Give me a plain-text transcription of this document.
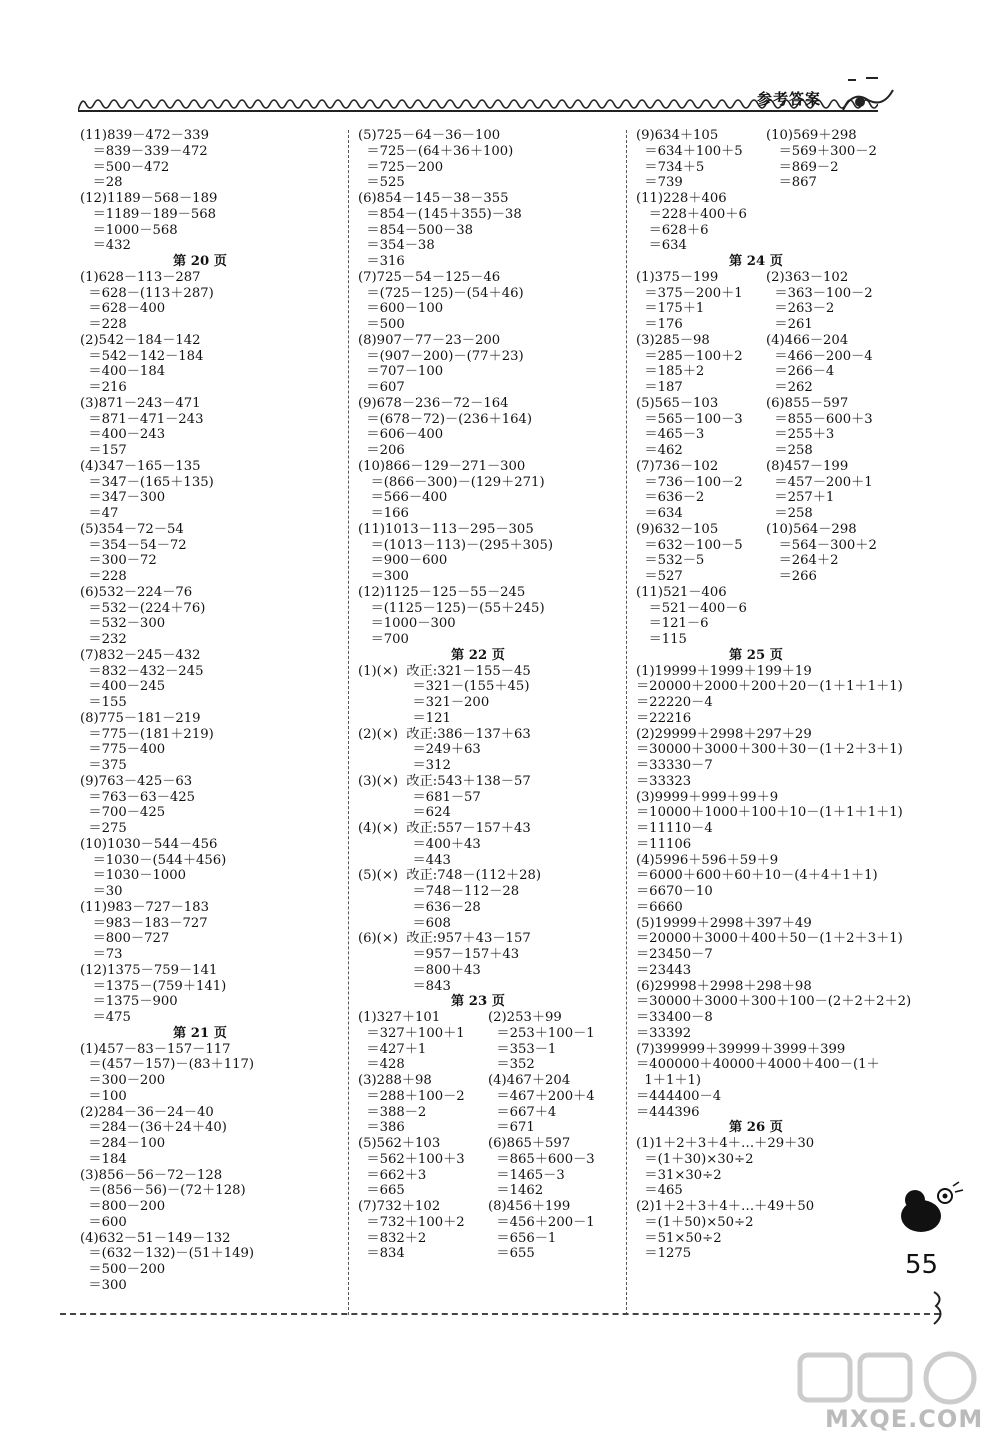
参考答案
(11)839－472－339
＝839－339－472
＝500－472
＝28
(12)1189－568－189
＝1189－189－568
＝1000－568
＝432
第 20 页
(1)628－113－287
＝628－(113＋287)
＝628－400
＝228
(2)542－184－142
＝542－142－184
＝400－184
＝216
(3)871－243－471
＝871－471－243
＝400－243
＝157
(4)347－165－135
＝347－(165＋135)
＝347－300
＝47
(5)354－72－54
＝354－54－72
＝300－72
＝228
(6)532－224－76
＝532－(224＋76)
＝532－300
＝232
(7)832－245－432
＝832－432－245
＝400－245
＝155
(8)775－181－219
＝775－(181＋219)
＝775－400
＝375
(9)763－425－63
＝763－63－425
＝700－425
＝275
(10)1030－544－456
＝1030－(544＋456)
＝1030－1000
＝30
(11)983－727－183
＝983－183－727
＝800－727
＝73
(12)1375－759－141
＝1375－(759＋141)
＝1375－900
＝475
第 21 页
(1)457－83－157－117
＝(457－157)－(83＋117)
＝300－200
＝100
(2)284－36－24－40
＝284－(36＋24＋40)
＝284－100
＝184
(3)856－56－72－128
＝(856－56)－(72＋128)
＝800－200
＝600
(4)632－51－149－132
＝(632－132)－(51＋149)
＝500－200
＝300
(5)725－64－36－100
＝725－(64＋36＋100)
＝725－200
＝525
(6)854－145－38－355
＝854－(145＋355)－38
＝854－500－38
＝354－38
＝316
(7)725－54－125－46
＝(725－125)－(54＋46)
＝600－100
＝500
(8)907－77－23－200
＝(907－200)－(77＋23)
＝707－100
＝607
(9)678－236－72－164
＝(678－72)－(236＋164)
＝606－400
＝206
(10)866－129－271－300
＝(866－300)－(129＋271)
＝566－400
＝166
(11)1013－113－295－305
＝(1013－113)－(295＋305)
＝900－600
＝300
(12)1125－125－55－245
＝(1125－125)－(55＋245)
＝1000－300
＝700
第 22 页
(1)(×)  改正:321－155－45
＝321－(155＋45)
＝321－200
＝121
(2)(×)  改正:386－137＋63
＝249＋63
＝312
(3)(×)  改正:543＋138－57
＝681－57
＝624
(4)(×)  改正:557－157＋43
＝400＋43
＝443
(5)(×)  改正:748－(112＋28)
＝748－112－28
＝636－28
＝608
(6)(×)  改正:957＋43－157
＝957－157＋43
＝800＋43
＝843
第 23 页
(1)327＋101	(2)253＋99
＝327＋100＋1	＝253＋100－1
＝427＋1	＝353－1
＝428	＝352
(3)288＋98	(4)467＋204
＝288＋100－2	＝467＋200＋4
＝388－2	＝667＋4
＝386	＝671
(5)562＋103	(6)865＋597
＝562＋100＋3	＝865＋600－3
＝662＋3	＝1465－3
＝665	＝1462
(7)732＋102	(8)456＋199
＝732＋100＋2	＝456＋200－1
＝832＋2	＝656－1
＝834	＝655
(9)634＋105	(10)569＋298
＝634＋100＋5	＝569＋300－2
＝734＋5	＝869－2
＝739	＝867
(11)228＋406
＝228＋400＋6
＝628＋6
＝634
第 24 页
(1)375－199	(2)363－102
＝375－200＋1	＝363－100－2
＝175＋1	＝263－2
＝176	＝261
(3)285－98	(4)466－204
＝285－100＋2	＝466－200－4
＝185＋2	＝266－4
＝187	＝262
(5)565－103	(6)855－597
＝565－100－3	＝855－600＋3
＝465－3	＝255＋3
＝462	＝258
(7)736－102	(8)457－199
＝736－100－2	＝457－200＋1
＝636－2	＝257＋1
＝634	＝258
(9)632－105	(10)564－298
＝632－100－5	＝564－300＋2
＝532－5	＝264＋2
＝527	＝266
(11)521－406
＝521－400－6
＝121－6
＝115
第 25 页
(1)19999＋1999＋199＋19
＝20000＋2000＋200＋20－(1＋1＋1＋1)
＝22220－4
＝22216
(2)29999＋2998＋297＋29
＝30000＋3000＋300＋30－(1＋2＋3＋1)
＝33330－7
＝33323
(3)9999＋999＋99＋9
＝10000＋1000＋100＋10－(1＋1＋1＋1)
＝11110－4
＝11106
(4)5996＋596＋59＋9
＝6000＋600＋60＋10－(4＋4＋1＋1)
＝6670－10
＝6660
(5)19999＋2998＋397＋49
＝20000＋3000＋400＋50－(1＋2＋3＋1)
＝23450－7
＝23443
(6)29998＋2998＋298＋98
＝30000＋3000＋300＋100－(2＋2＋2＋2)
＝33400－8
＝33392
(7)399999＋39999＋3999＋399
＝400000＋40000＋4000＋400－(1＋
1＋1＋1)
＝444400－4
＝444396
第 26 页
(1)1＋2＋3＋4＋…＋29＋30
＝(1＋30)×30÷2
＝31×30÷2
＝465
(2)1＋2＋3＋4＋…＋49＋50
＝(1＋50)×50÷2
＝51×50÷2
＝1275	55
MXQE.COM
